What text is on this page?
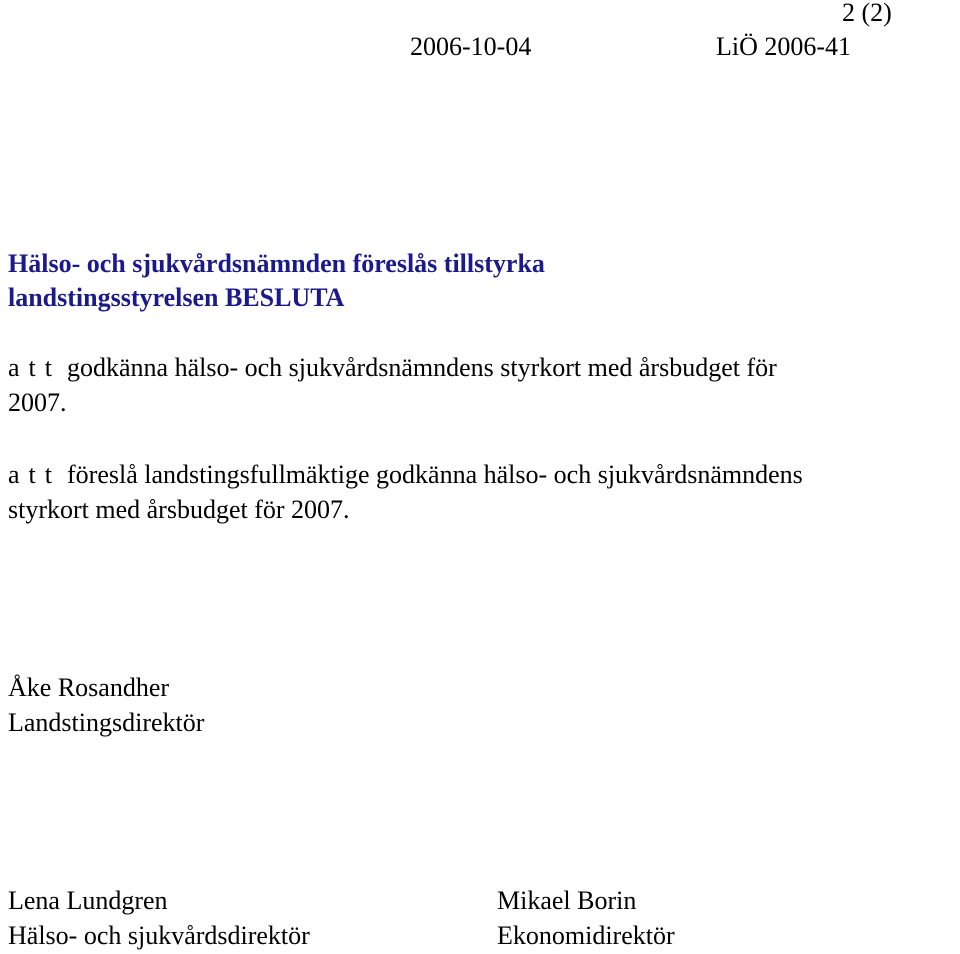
2 (2)
2006-10-04	LiÖ 2006-41
Hälso- och sjukvårdsnämnden föreslås tillstyrka
landstingsstyrelsen BESLUTA
att godkänna hälso- och sjukvårdsnämndens styrkort med årsbudget för
2007.
att föreslå landstingsfullmäktige godkänna hälso- och sjukvårdsnämndens
styrkort med årsbudget för 2007.
Åke Rosandher
Landstingsdirektör
Lena Lundgren
Hälso- och sjukvårdsdirektör
Mikael Borin
Ekonomidirektör
